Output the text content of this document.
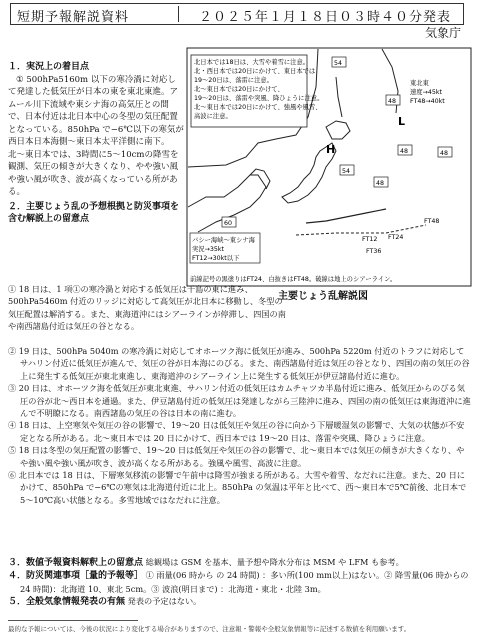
短期予報解説資料	２０２５年１月１８日０３時４０分発表
気象庁
１．実況上の着目点

① 500hPa5160m 以下の寒冷渦に対応して発達した低気圧が日本の東を東北東進。アムール川下流域や東シナ海の高気圧との間で、日本付近は北日本中心の冬型の気圧配置となっている。850hPa で−6℃以下の寒気が西日本日本海側〜東日本太平洋側に南下。北〜東日本では、3時間に5〜10cmの降雪を観測、気圧の傾きが大きくなり、やや強い風や強い風が吹き、波が高くなっている所がある。

２．主要じょう乱の予想根拠と防災事項を含む解説上の留意点
北日本では18日は、大雪や着雪に注意。
北・西日本では20日にかけて、東日本では
19〜20日は、落雷に注意。
北〜東日本では20日にかけて、
19〜20日は、落雷や突風、降ひょうに注意。
北〜東日本では20日にかけて、強風や風雪、
高波に注意。
東北東
速度→45kt
FT48→40kt
54
48
48	48
54
60
48
H
L
FT12 FT24
FT36
FT48
バシー海峡〜東シナ海
実況→35kt
FT12→30kt以下
前線記号の黒塗りはFT24、白抜きはFT48。破線は地上のシアーライン。
主要じょう乱解説図

① 18 日は、1 項①の寒冷渦と対応する低気圧は千島の東に進み、500hPa5460m 付近のリッジに対応して高気圧が北日本に移動し、冬型の気圧配置は解消する。また、東海道沖にはシアーラインが停滞し、四国の南や南西諸島付近は気圧の谷となる。

② 19 日は、500hPa 5040m の寒冷渦に対応してオホーツク海に低気圧が進み、500hPa 5220m 付近のトラフに対応してサハリン付近に低気圧が進んで、気圧の谷が日本海にのびる。また、南西諸島付近は気圧の谷となり、四国の南の気圧の谷上に発生する低気圧が東北東進し、東海道沖のシアーライン上に発生する低気圧が伊豆諸島付近に進む。

③ 20 日は、オホーツク海を低気圧が東北東進、サハリン付近の低気圧はカムチャツカ半島付近に進み、低気圧からのびる気圧の谷が北〜西日本を通過。また、伊豆諸島付近の低気圧は発達しながら三陸沖に進み、四国の南の低気圧は東海道沖に進んで不明瞭になる。南西諸島の気圧の谷は日本の南に進む。

④ 18 日は、上空寒気や気圧の谷の影響で、19〜20 日は低気圧や気圧の谷に向かう下層暖湿気の影響で、大気の状態が不安定となる所がある。北〜東日本では 20 日にかけて、西日本では 19〜20 日は、落雷や突風、降ひょうに注意。

⑤ 18 日は冬型の気圧配置の影響で、19〜20 日は低気圧や気圧の谷の影響で、北〜東日本では気圧の傾きが大きくなり、やや強い風や強い風が吹き、波が高くなる所がある。強風や風雪、高波に注意。

⑥ 北日本では 18 日は、下層寒気移流の影響で午前中は降雪が強まる所がある。大雪や着雪、なだれに注意。また、20 日にかけて、850hPa で−6℃の寒気は北海道付近に北上。850hPa の気温は平年と比べて、西〜東日本で5℃前後、北日本で5〜10℃高い状態となる。多雪地域ではなだれに注意。

３．数値予報資料解釈上の留意点 総観場は GSM を基本、量予想や降水分布は MSM や LFM も参考。

４．防災関連事項［量的予報等］ ① 雨量(06 時から の 24 時間) ：多い所(100 mm以上)はない。② 降雪量(06 時からの 24 時間)：北海道 10、東北 5cm。③ 波浪(明日まで) ：北海道・東北・北陸 3m。

５．全般気象情報発表の有無 発表の予定はない。

最的な予報については、今後の状況により変化する場合がありますので、注意報・警報や全般気象情報等に記述する数値を利用願います。
